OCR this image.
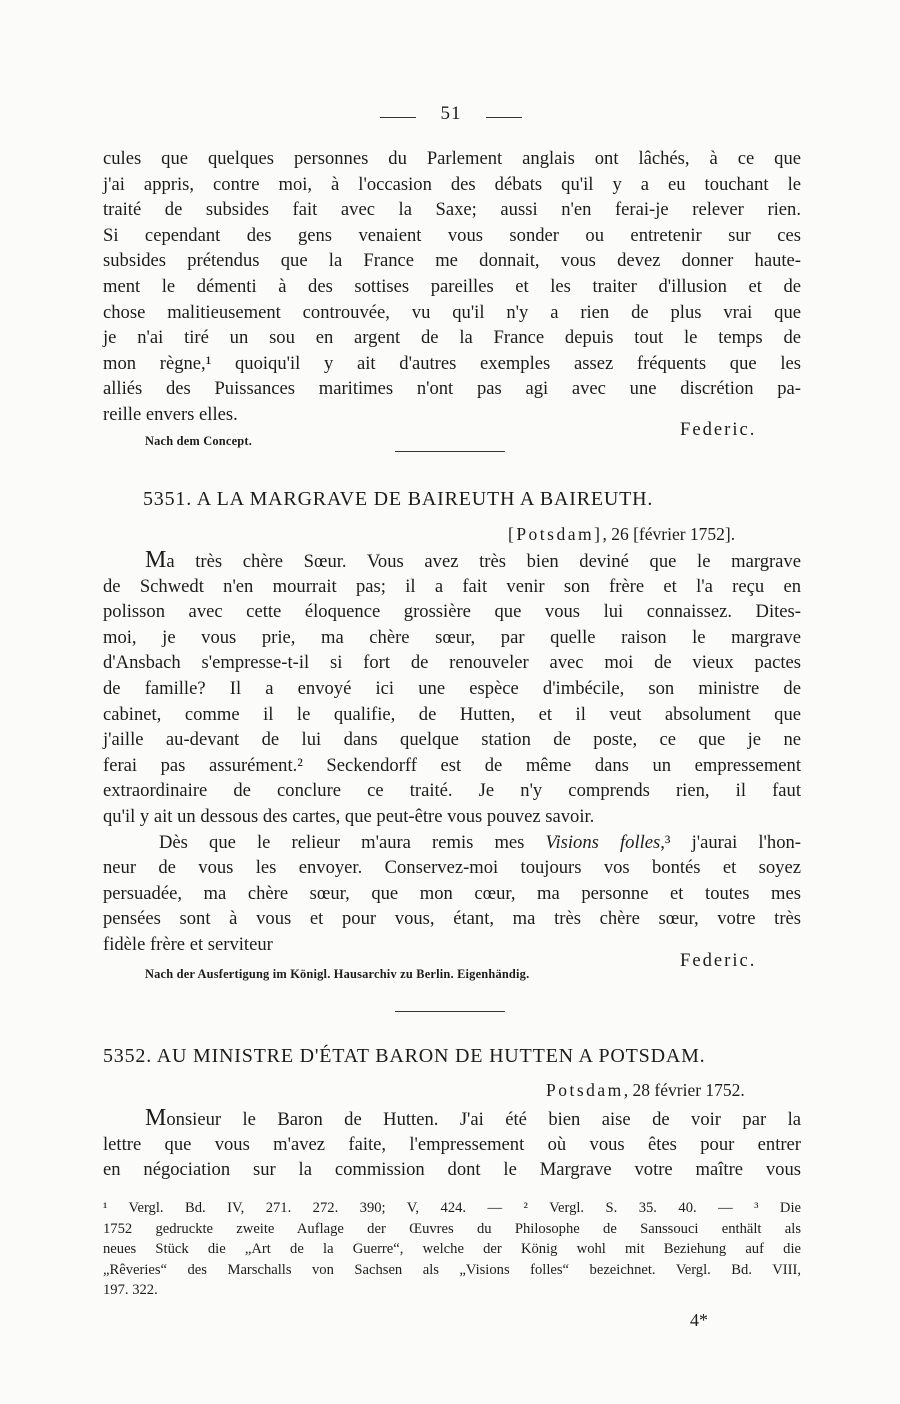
51
cules que quelques personnes du Parlement anglais ont lâchés, à ce que
j'ai appris, contre moi, à l'occasion des débats qu'il y a eu touchant le
traité de subsides fait avec la Saxe; aussi n'en ferai-je relever rien.
Si cependant des gens venaient vous sonder ou entretenir sur ces
subsides prétendus que la France me donnait, vous devez donner haute-
ment le démenti à des sottises pareilles et les traiter d'illusion et de
chose malitieusement controuvée, vu qu'il n'y a rien de plus vrai que
je n'ai tiré un sou en argent de la France depuis tout le temps de
mon règne,¹ quoiqu'il y ait d'autres exemples assez fréquents que les
alliés des Puissances maritimes n'ont pas agi avec une discrétion pa-
reille envers elles.
Federic.
Nach dem Concept.
5351. A LA MARGRAVE DE BAIREUTH A BAIREUTH.
[Potsdam], 26 [février 1752].
Ma très chère Sœur. Vous avez très bien deviné que le margrave
de Schwedt n'en mourrait pas; il a fait venir son frère et l'a reçu en
polisson avec cette éloquence grossière que vous lui connaissez. Dites-
moi, je vous prie, ma chère sœur, par quelle raison le margrave
d'Ansbach s'empresse-t-il si fort de renouveler avec moi de vieux pactes
de famille? Il a envoyé ici une espèce d'imbécile, son ministre de
cabinet, comme il le qualifie, de Hutten, et il veut absolument que
j'aille au-devant de lui dans quelque station de poste, ce que je ne
ferai pas assurément.² Seckendorff est de même dans un empressement
extraordinaire de conclure ce traité. Je n'y comprends rien, il faut
qu'il y ait un dessous des cartes, que peut-être vous pouvez savoir.
Dès que le relieur m'aura remis mes Visions folles,³ j'aurai l'hon-
neur de vous les envoyer. Conservez-moi toujours vos bontés et soyez
persuadée, ma chère sœur, que mon cœur, ma personne et toutes mes
pensées sont à vous et pour vous, étant, ma très chère sœur, votre très
fidèle frère et serviteur
Federic.
Nach der Ausfertigung im Königl. Hausarchiv zu Berlin. Eigenhändig.
5352. AU MINISTRE D'ÉTAT BARON DE HUTTEN A POTSDAM.
Potsdam, 28 février 1752.
Monsieur le Baron de Hutten. J'ai été bien aise de voir par la
lettre que vous m'avez faite, l'empressement où vous êtes pour entrer
en négociation sur la commission dont le Margrave votre maître vous
¹ Vergl. Bd. IV, 271. 272. 390; V, 424. — ² Vergl. S. 35. 40. — ³ Die
1752 gedruckte zweite Auflage der Œuvres du Philosophe de Sanssouci enthält als
neues Stück die „Art de la Guerre“, welche der König wohl mit Beziehung auf die
„Rêveries“ des Marschalls von Sachsen als „Visions folles“ bezeichnet. Vergl. Bd. VIII,
197. 322.
4*
